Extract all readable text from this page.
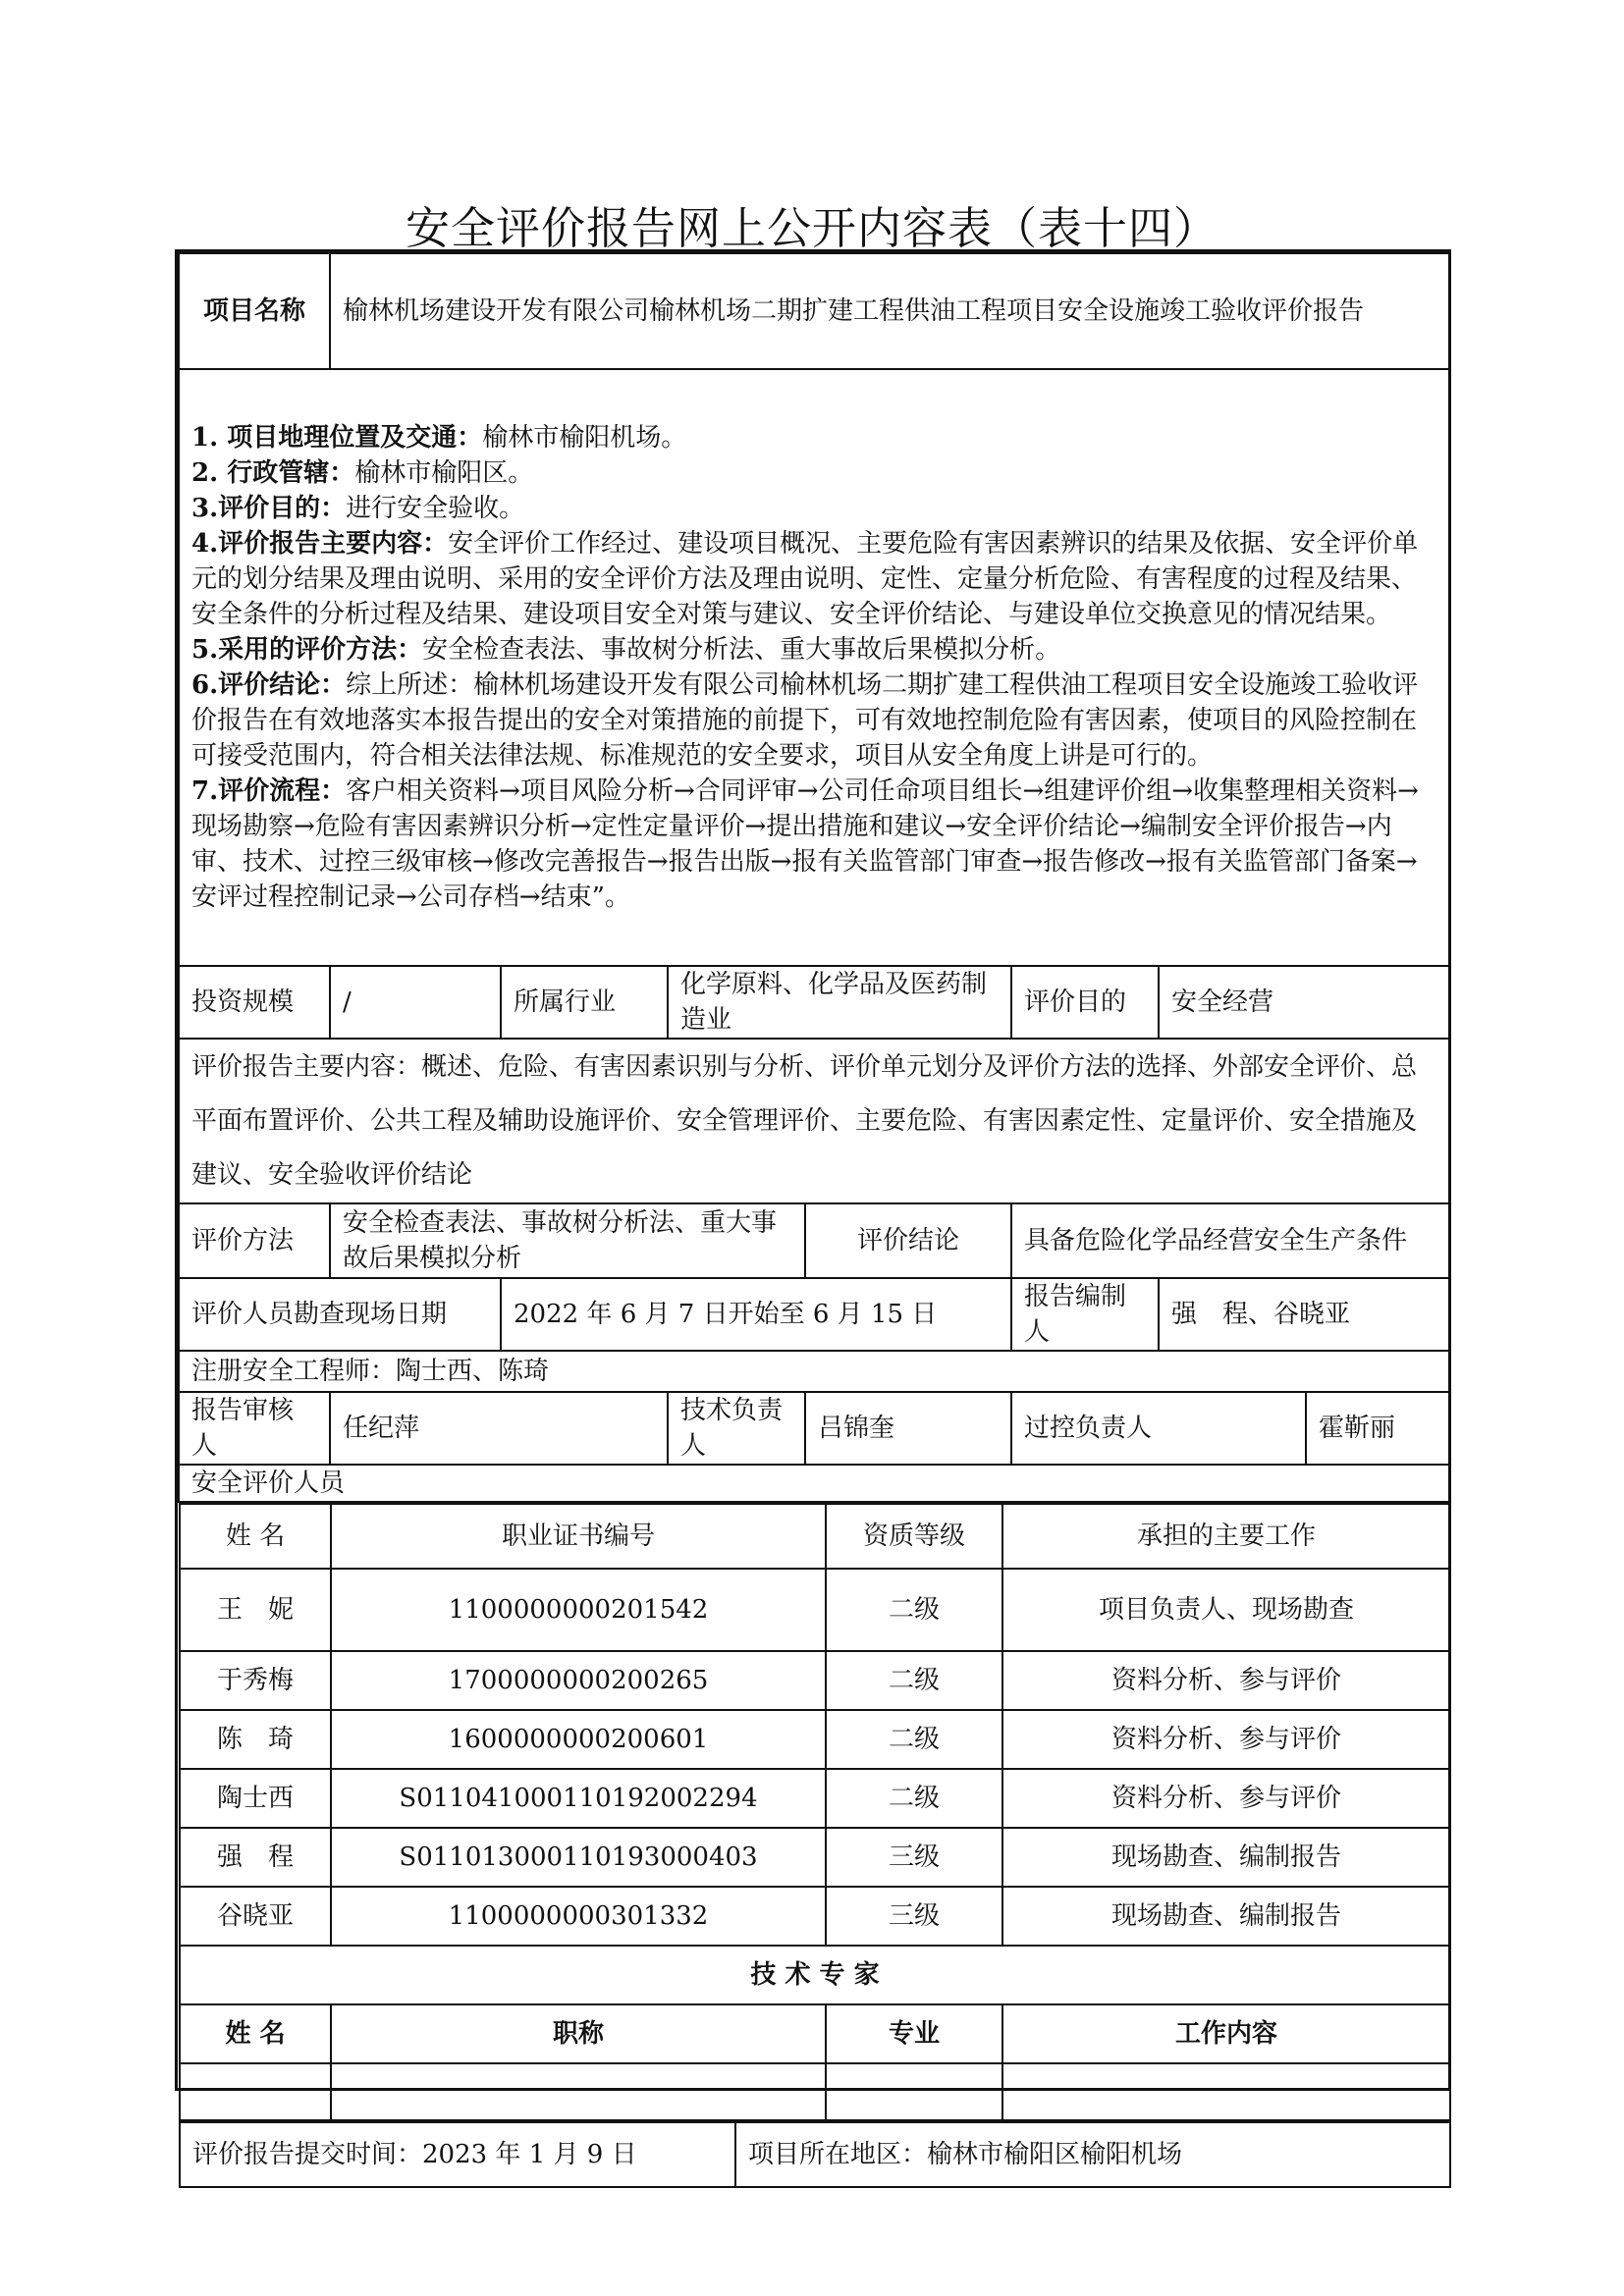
安全评价报告网上公开内容表（表十四）
项目名称	榆林机场建设开发有限公司榆林机场二期扩建工程供油工程项目安全设施竣工验收评价报告

1. 项目地理位置及交通：榆林市榆阳机场。

2. 行政管辖：榆林市榆阳区。

3.评价目的：进行安全验收。

4.评价报告主要内容：安全评价工作经过、建设项目概况、主要危险有害因素辨识的结果及依据、安全评价单元的划分结果及理由说明、采用的安全评价方法及理由说明、定性、定量分析危险、有害程度的过程及结果、安全条件的分析过程及结果、建设项目安全对策与建议、安全评价结论、与建设单位交换意见的情况结果。

5.采用的评价方法：安全检查表法、事故树分析法、重大事故后果模拟分析。

6.评价结论：综上所述：榆林机场建设开发有限公司榆林机场二期扩建工程供油工程项目安全设施竣工验收评价报告在有效地落实本报告提出的安全对策措施的前提下，可有效地控制危险有害因素，使项目的风险控制在可接受范围内，符合相关法律法规、标准规范的安全要求，项目从安全角度上讲是可行的。

7.评价流程：客户相关资料→项目风险分析→合同评审→公司任命项目组长→组建评价组→收集整理相关资料→现场勘察→危险有害因素辨识分析→定性定量评价→提出措施和建议→安全评价结论→编制安全评价报告→内审、技术、过控三级审核→修改完善报告→报告出版→报有关监管部门审查→报告修改→报有关监管部门备案→安评过程控制记录→公司存档→结束”。

投资规模	/	所属行业	化学原料、化学品及医药制造业	评价目的	安全经营
评价报告主要内容：概述、危险、有害因素识别与分析、评价单元划分及评价方法的选择、外部安全评价、总平面布置评价、公共工程及辅助设施评价、安全管理评价、主要危险、有害因素定性、定量评价、安全措施及建议、安全验收评价结论
评价方法	安全检查表法、事故树分析法、重大事故后果模拟分析	评价结论	具备危险化学品经营安全生产条件
评价人员勘查现场日期	2022 年 6 月 7 日开始至 6 月 15 日	报告编制人	强　程、谷晓亚
注册安全工程师：陶士西、陈琦
报告审核人	任纪萍	技术负责人	吕锦奎	过控负责人	霍靳丽
安全评价人员

姓 名	职业证书编号	资质等级	承担的主要工作
王　妮	1100000000201542	二级	项目负责人、现场勘查
于秀梅	1700000000200265	二级	资料分析、参与评价
陈　琦	1600000000200601	二级	资料分析、参与评价
陶士西	S011041000110192002294	二级	资料分析、参与评价
强　程	S011013000110193000403	三级	现场勘查、编制报告
谷晓亚	1100000000301332	三级	现场勘查、编制报告
技 术 专 家
姓 名	职称	专业	工作内容

评价报告提交时间：2023 年 1 月 9 日	项目所在地区：榆林市榆阳区榆阳机场
